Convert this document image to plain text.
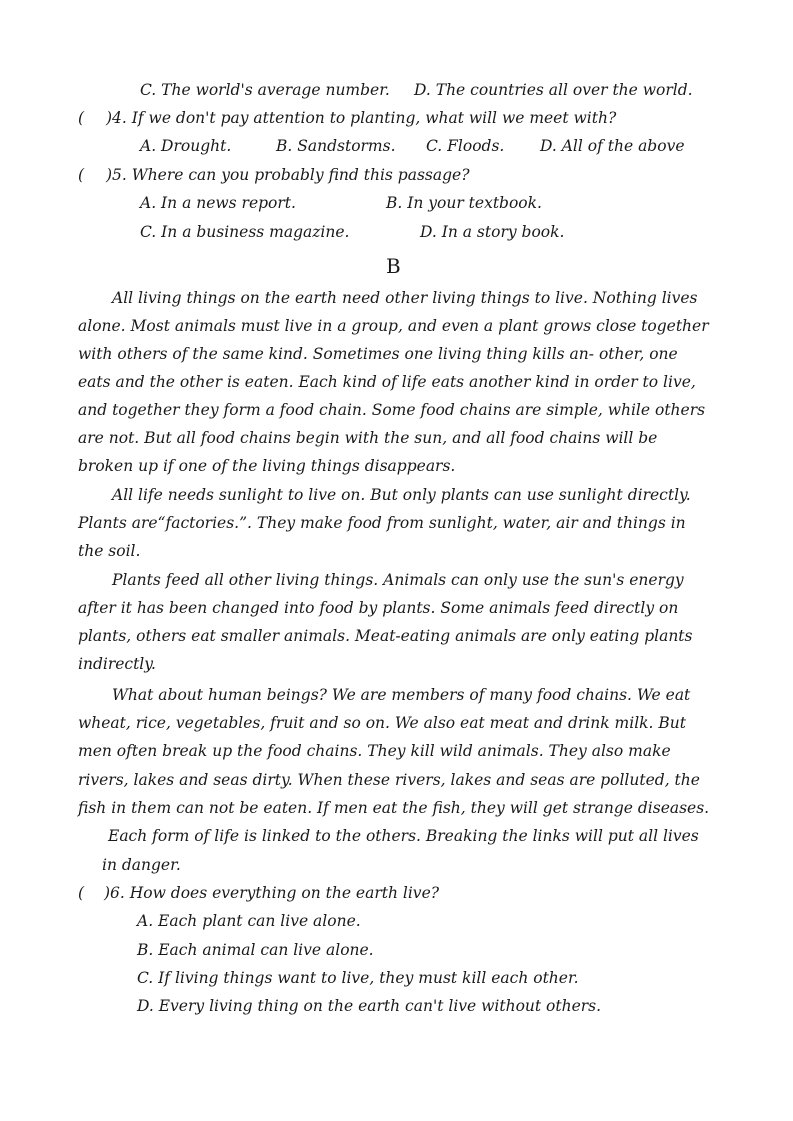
C. The world's average number. D. The countries all over the world.
( )4. If we don't pay attention to planting, what will we meet with?
A. Drought.	B. Sandstorms. C. Floods. D. All of the above
( )5. Where can you probably find this passage?
A. In a news report.	B. In your textbook.
C. In a business magazine.	D. In a story book.
B
All living things on the earth need other living things to live. Nothing lives
alone. Most animals must live in a group, and even a plant grows close together
with others of the same kind. Sometimes one living thing kills an- other, one
eats and the other is eaten. Each kind of life eats another kind in order to live,
and together they form a food chain. Some food chains are simple, while others
are not. But all food chains begin with the sun, and all food chains will be
broken up if one of the living things disappears.
All life needs sunlight to live on. But only plants can use sunlight directly.
Plants are“factories.”. They make food from sunlight, water, air and things in
the soil.
Plants feed all other living things. Animals can only use the sun's energy
after it has been changed into food by plants. Some animals feed directly on
plants, others eat smaller animals. Meat-eating animals are only eating plants
indirectly.
What about human beings? We are members of many food chains. We eat
wheat, rice, vegetables, fruit and so on. We also eat meat and drink milk. But
men often break up the food chains. They kill wild animals. They also make
rivers, lakes and seas dirty. When these rivers, lakes and seas are polluted, the
fish in them can not be eaten. If men eat the fish, they will get strange diseases.
Each form of life is linked to the others. Breaking the links will put all lives
in danger.
( )6. How does everything on the earth live?
A. Each plant can live alone.
B. Each animal can live alone.
C. If living things want to live, they must kill each other.
D. Every living thing on the earth can't live without others.
